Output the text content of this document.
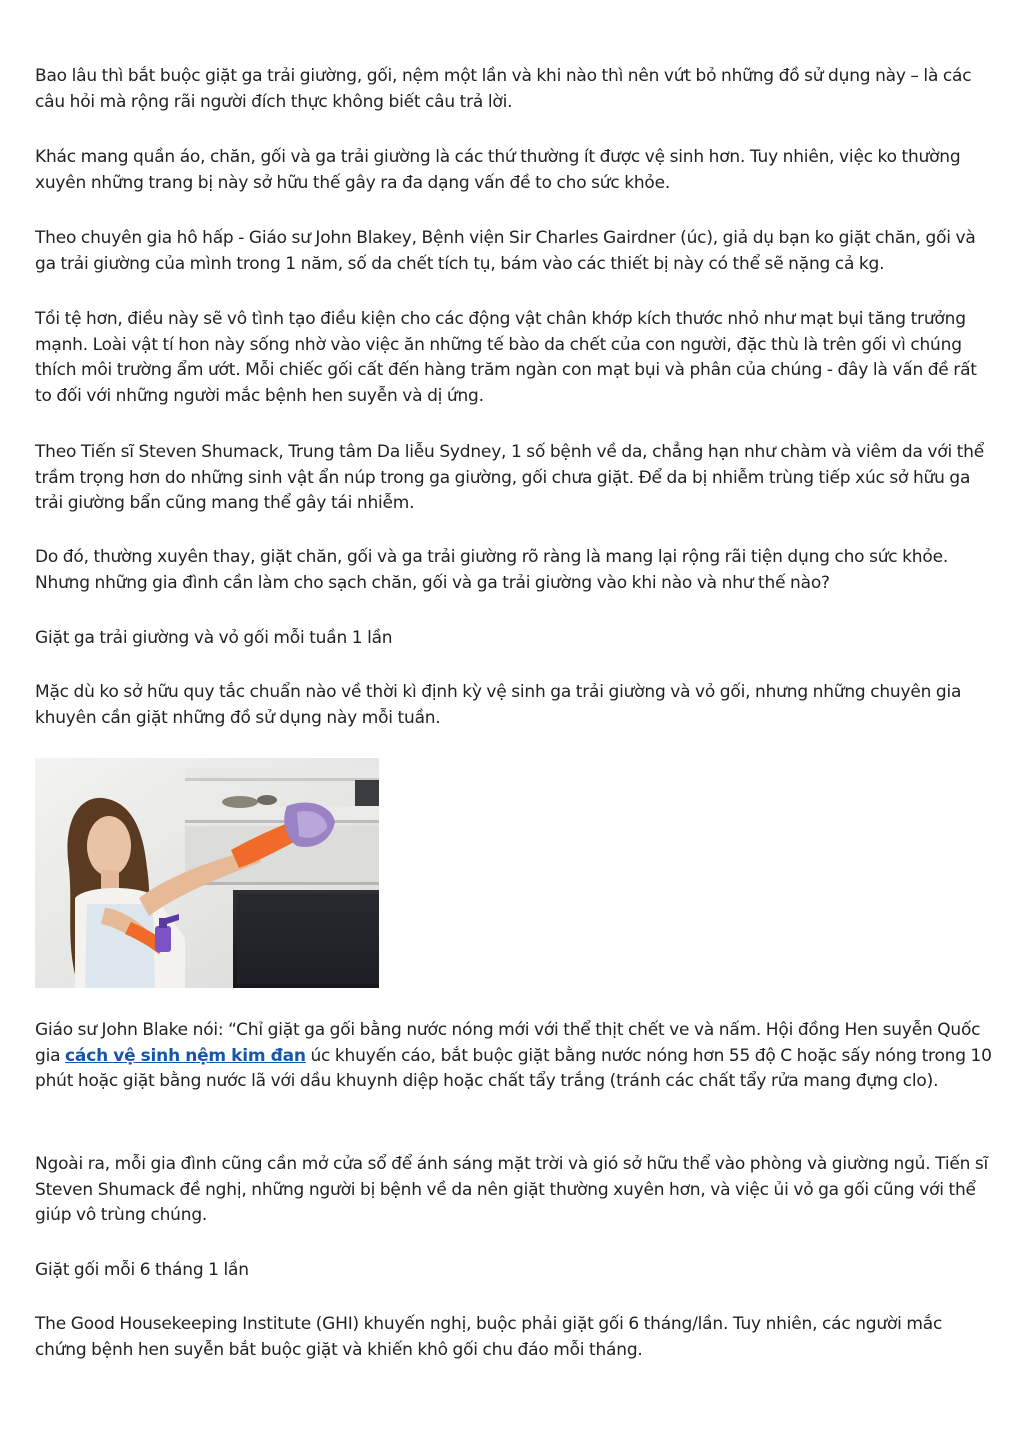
Bao lâu thì bắt buộc giặt ga trải giường, gối, nệm một lần và khi nào thì nên vứt bỏ những đồ sử dụng này – là các câu hỏi mà rộng rãi người đích thực không biết câu trả lời.

Khác mang quần áo, chăn, gối và ga trải giường là các thứ thường ít được vệ sinh hơn. Tuy nhiên, việc ko thường xuyên những trang bị này sở hữu thế gây ra đa dạng vấn đề to cho sức khỏe.

Theo chuyên gia hô hấp - Giáo sư John Blakey, Bệnh viện Sir Charles Gairdner (úc), giả dụ bạn ko giặt chăn, gối và ga trải giường của mình trong 1 năm, số da chết tích tụ, bám vào các thiết bị này có thể sẽ nặng cả kg.

Tồi tệ hơn, điều này sẽ vô tình tạo điều kiện cho các động vật chân khớp kích thước nhỏ như mạt bụi tăng trưởng mạnh. Loài vật tí hon này sống nhờ vào việc ăn những tế bào da chết của con người, đặc thù là trên gối vì chúng thích môi trường ẩm ướt. Mỗi chiếc gối cất đến hàng trăm ngàn con mạt bụi và phân của chúng - đây là vấn đề rất to đối với những người mắc bệnh hen suyễn và dị ứng.

Theo Tiến sĩ Steven Shumack, Trung tâm Da liễu Sydney, 1 số bệnh về da, chẳng hạn như chàm và viêm da với thể trầm trọng hơn do những sinh vật ẩn núp trong ga giường, gối chưa giặt. Để da bị nhiễm trùng tiếp xúc sở hữu ga trải giường bẩn cũng mang thể gây tái nhiễm.

Do đó, thường xuyên thay, giặt chăn, gối và ga trải giường rõ ràng là mang lại rộng rãi tiện dụng cho sức khỏe. Nhưng những gia đình cần làm cho sạch chăn, gối và ga trải giường vào khi nào và như thế nào?

Giặt ga trải giường và vỏ gối mỗi tuần 1 lần

Mặc dù ko sở hữu quy tắc chuẩn nào về thời kì định kỳ vệ sinh ga trải giường và vỏ gối, nhưng những chuyên gia khuyên cần giặt những đồ sử dụng này mỗi tuần.

Giáo sư John Blake nói: “Chỉ giặt ga gối bằng nước nóng mới với thể thịt chết ve và nấm. Hội đồng Hen suyễn Quốc gia cách vệ sinh nệm kim đan úc khuyến cáo, bắt buộc giặt bằng nước nóng hơn 55 độ C hoặc sấy nóng trong 10 phút hoặc giặt bằng nước lã với dầu khuynh diệp hoặc chất tẩy trắng (tránh các chất tẩy rửa mang đựng clo).

Ngoài ra, mỗi gia đình cũng cần mở cửa sổ để ánh sáng mặt trời và gió sở hữu thể vào phòng và giường ngủ. Tiến sĩ Steven Shumack đề nghị, những người bị bệnh về da nên giặt thường xuyên hơn, và việc ủi vỏ ga gối cũng với thể giúp vô trùng chúng.

Giặt gối mỗi 6 tháng 1 lần

The Good Housekeeping Institute (GHI) khuyến nghị, buộc phải giặt gối 6 tháng/lần. Tuy nhiên, các người mắc chứng bệnh hen suyễn bắt buộc giặt và khiến khô gối chu đáo mỗi tháng.
